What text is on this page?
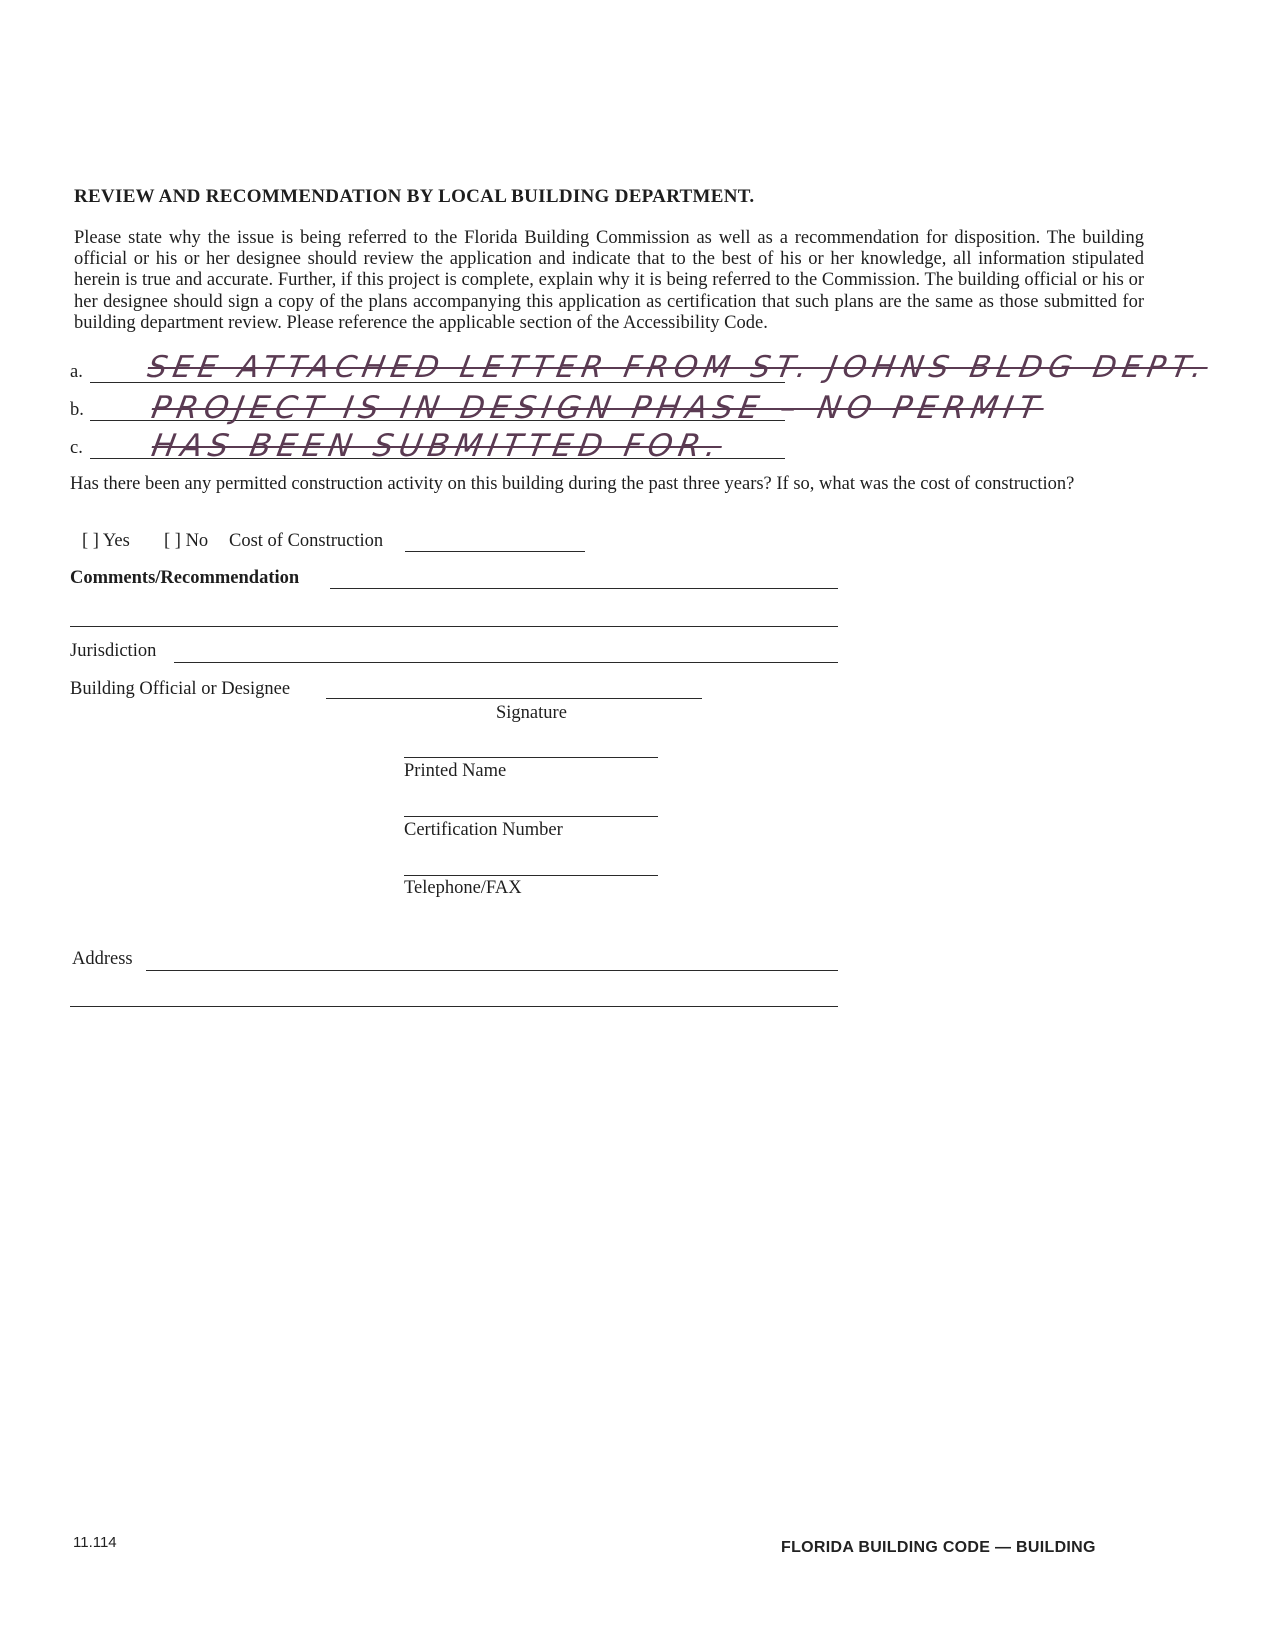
REVIEW AND RECOMMENDATION BY LOCAL BUILDING DEPARTMENT.
Please state why the issue is being referred to the Florida Building Commission as well as a recommendation for disposition. The building official or his or her designee should review the application and indicate that to the best of his or her knowledge, all information stipulated herein is true and accurate. Further, if this project is complete, explain why it is being referred to the Commission. The building official or his or her designee should sign a copy of the plans accompanying this application as certification that such plans are the same as those submitted for building department review. Please reference the applicable section of the Accessibility Code.
a. SEE ATTACHED LETTER FROM ST. JOHNS BLDG DEPT.
b. PROJECT IS IN DESIGN PHASE – NO PERMIT
c. HAS BEEN SUBMITTED FOR.
Has there been any permitted construction activity on this building during the past three years? If so, what was the cost of construction?
[ ] Yes [ ] No Cost of Construction
Comments/Recommendation
Jurisdiction
Building Official or Designee
Signature
Printed Name
Certification Number
Telephone/FAX
Address
11.114	FLORIDA BUILDING CODE — BUILDING
